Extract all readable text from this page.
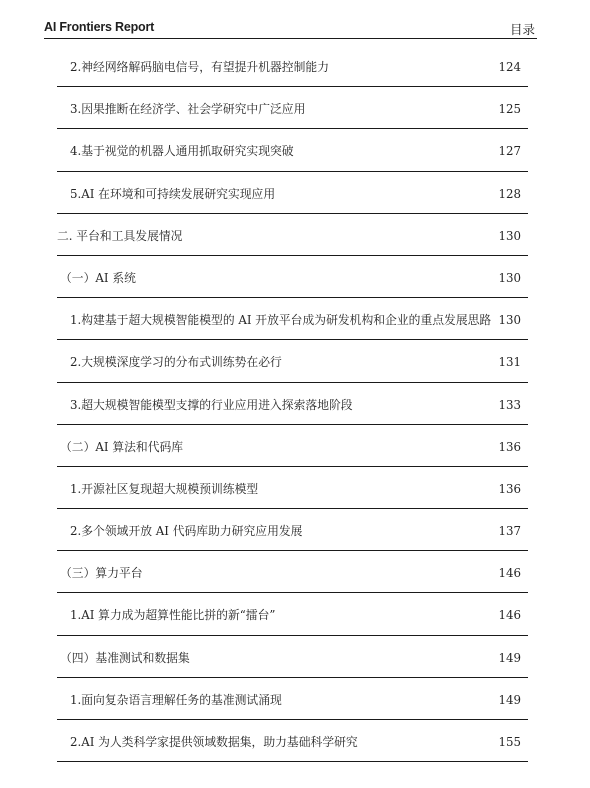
AI Frontiers Report	目录
2.神经网络解码脑电信号，有望提升机器控制能力	124
3.因果推断在经济学、社会学研究中广泛应用	125
4.基于视觉的机器人通用抓取研究实现突破	127
5.AI 在环境和可持续发展研究实现应用	128
二. 平台和工具发展情况	130
（一）AI 系统	130
1.构建基于超大规模智能模型的 AI 开放平台成为研发机构和企业的重点发展思路 130
2.大规模深度学习的分布式训练势在必行	131
3.超大规模智能模型支撑的行业应用进入探索落地阶段	133
（二）AI 算法和代码库	136
1.开源社区复现超大规模预训练模型	136
2.多个领域开放 AI 代码库助力研究应用发展	137
（三）算力平台	146
1.AI 算力成为超算性能比拼的新“擂台”	146
（四）基准测试和数据集	149
1.面向复杂语言理解任务的基准测试涌现	149
2.AI 为人类科学家提供领域数据集，助力基础科学研究	155
